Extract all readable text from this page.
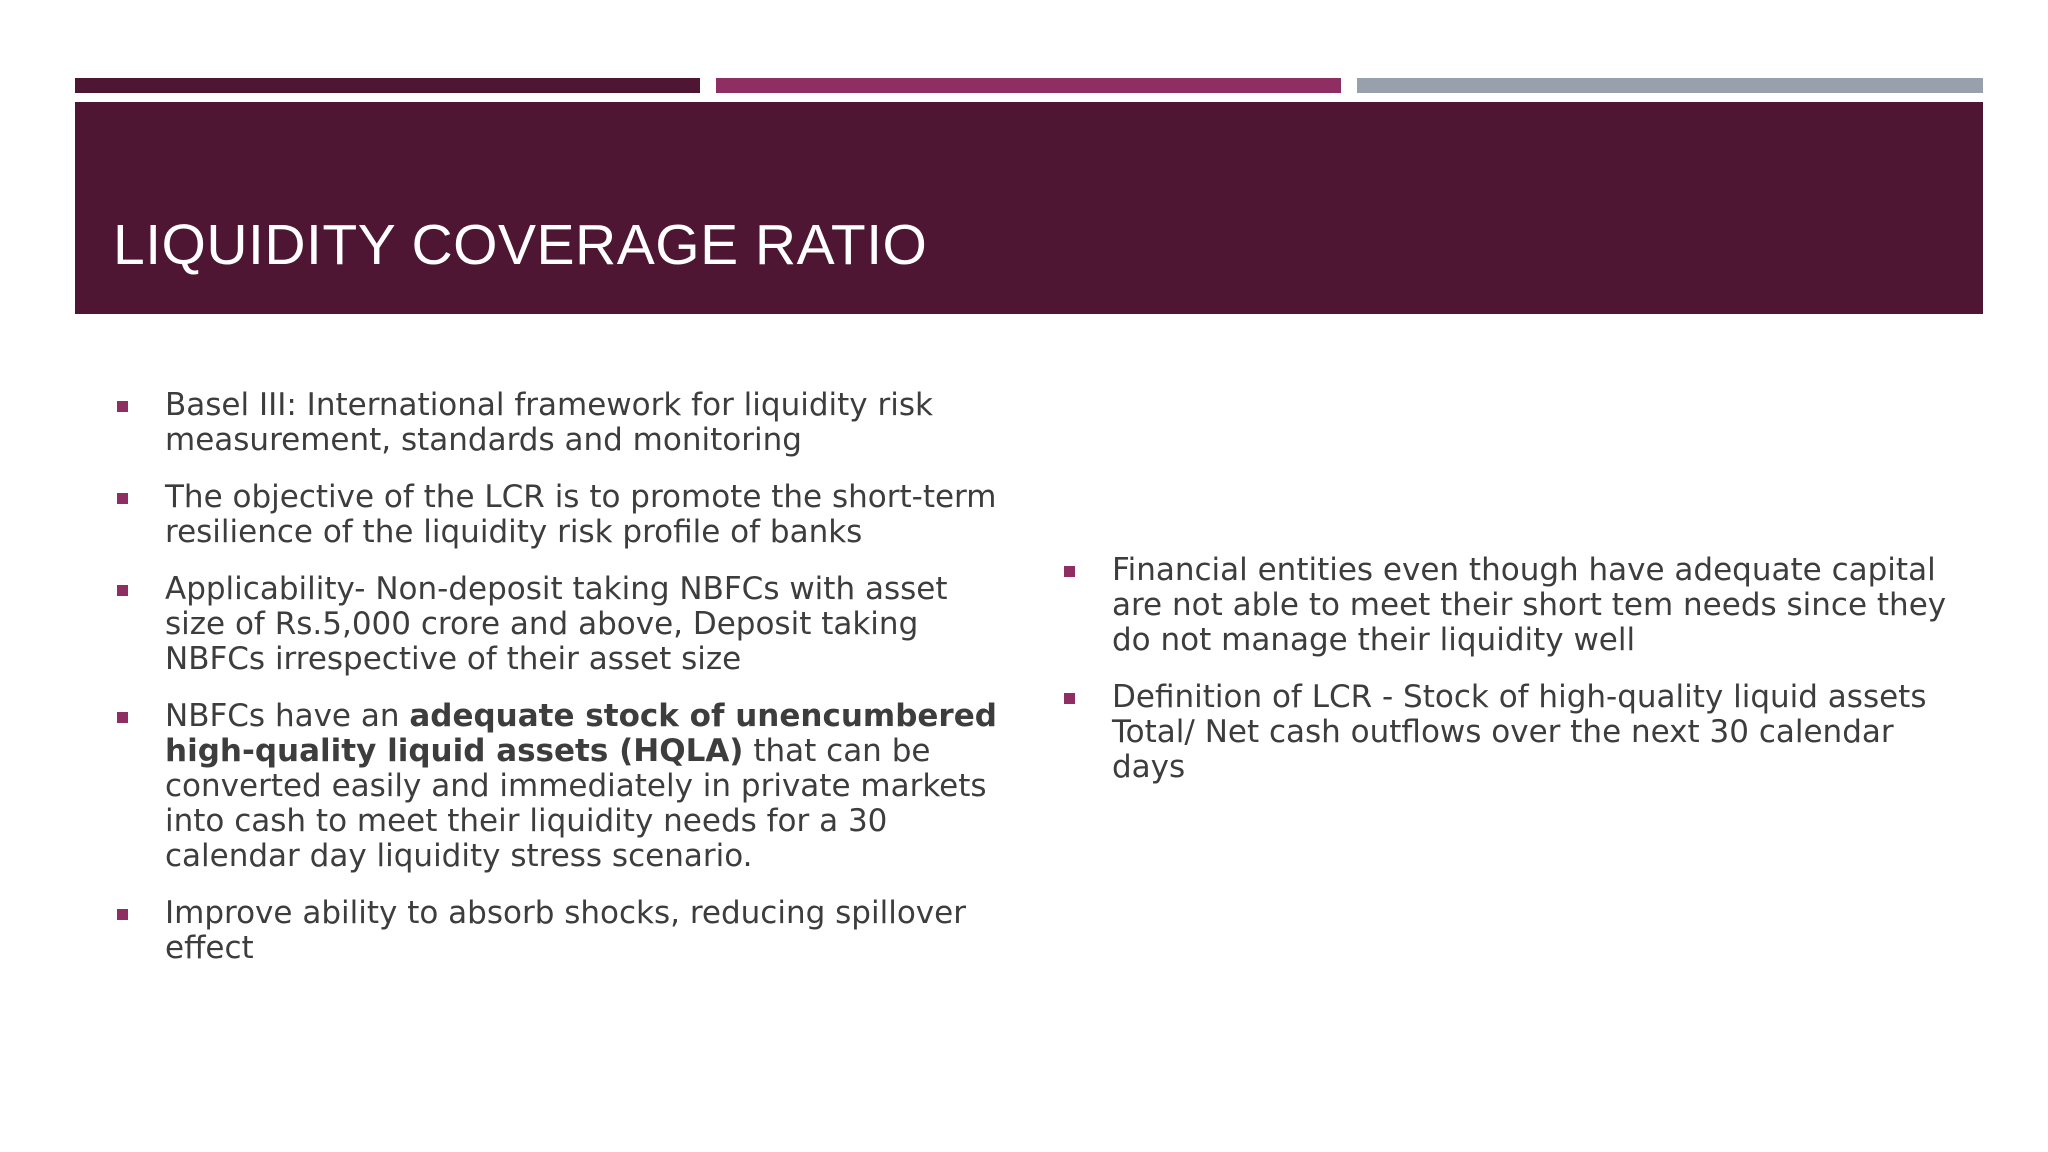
LIQUIDITY COVERAGE RATIO
Basel III: International framework for liquidity risk measurement, standards and monitoring
The objective of the LCR is to promote the short-term resilience of the liquidity risk profile of banks
Applicability- Non-deposit taking NBFCs with asset size of Rs.5,000 crore and above, Deposit taking NBFCs irrespective of their asset size
NBFCs have an adequate stock of unencumbered high-quality liquid assets (HQLA) that can be converted easily and immediately in private markets into cash to meet their liquidity needs for a 30 calendar day liquidity stress scenario.
Improve ability to absorb shocks, reducing spillover effect
Financial entities even though have adequate capital are not able to meet their short tem needs since they do not manage their liquidity well
Definition of LCR - Stock of high-quality liquid assets
Total/ Net cash outflows over the next 30 calendar days
